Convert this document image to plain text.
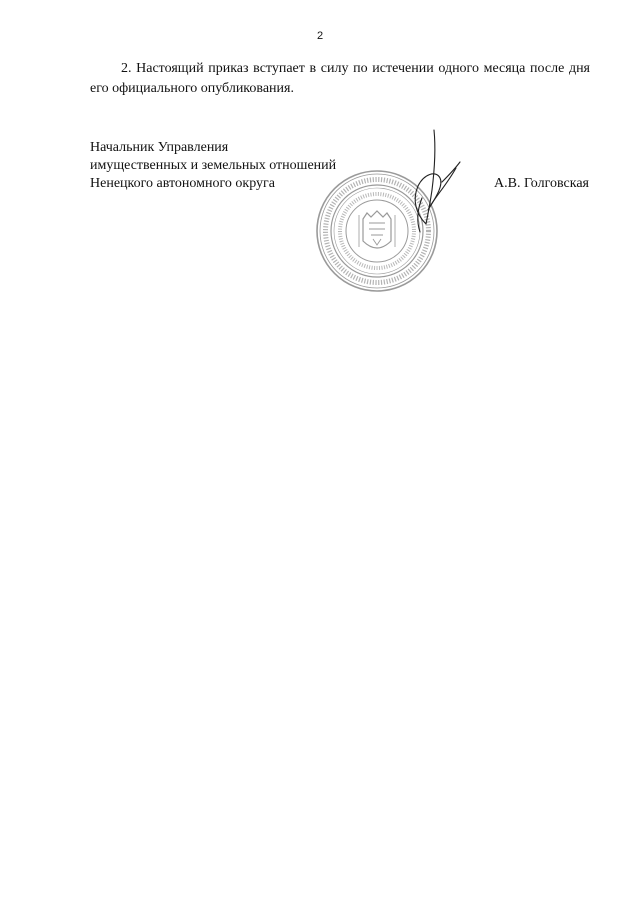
2

2. Настоящий приказ вступает в силу по истечении одного месяца после дня его официального опубликования.

Начальник Управления
имущественных и земельных отношений
Ненецкого автономного округа	А.В. Голговская
